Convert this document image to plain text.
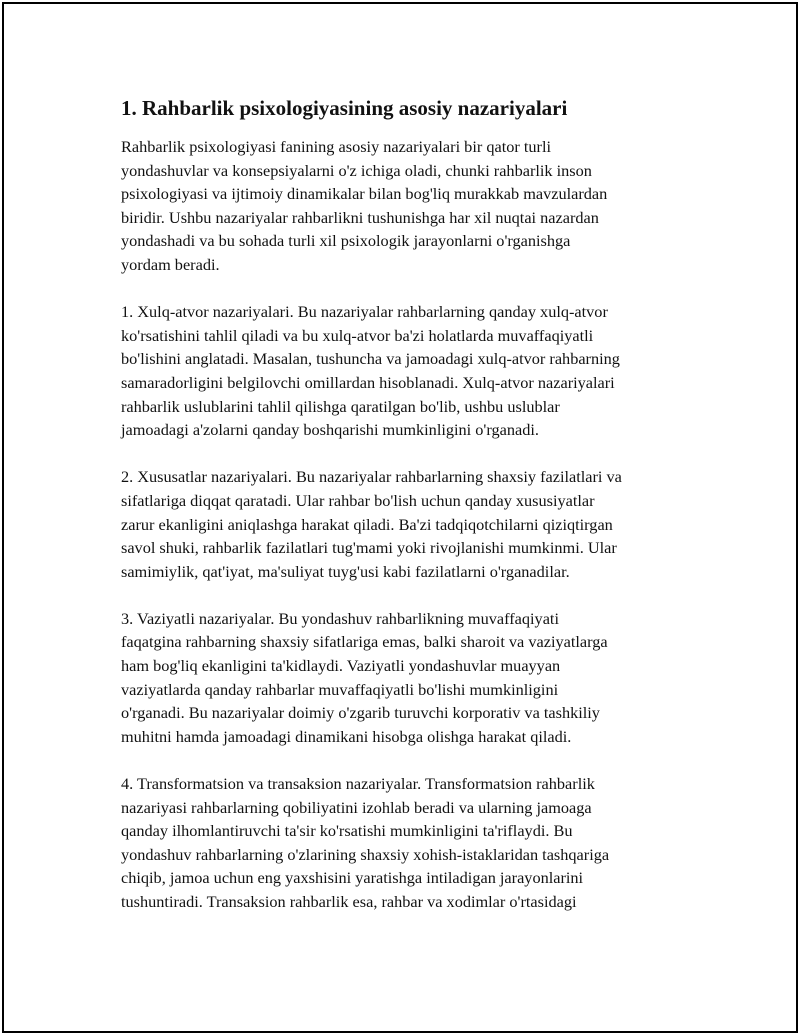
1. Rahbarlik psixologiyasining asosiy nazariyalari

Rahbarlik psixologiyasi fanining asosiy nazariyalari bir qator turli
yondashuvlar va konsepsiyalarni o'z ichiga oladi, chunki rahbarlik inson
psixologiyasi va ijtimoiy dinamikalar bilan bog'liq murakkab mavzulardan
biridir. Ushbu nazariyalar rahbarlikni tushunishga har xil nuqtai nazardan
yondashadi va bu sohada turli xil psixologik jarayonlarni o'rganishga
yordam beradi.

1. Xulq-atvor nazariyalari. Bu nazariyalar rahbarlarning qanday xulq-atvor
ko'rsatishini tahlil qiladi va bu xulq-atvor ba'zi holatlarda muvaffaqiyatli
bo'lishini anglatadi. Masalan, tushuncha va jamoadagi xulq-atvor rahbarning
samaradorligini belgilovchi omillardan hisoblanadi. Xulq-atvor nazariyalari
rahbarlik uslublarini tahlil qilishga qaratilgan bo'lib, ushbu uslublar
jamoadagi a'zolarni qanday boshqarishi mumkinligini o'rganadi.

2. Xususatlar nazariyalari. Bu nazariyalar rahbarlarning shaxsiy fazilatlari va
sifatlariga diqqat qaratadi. Ular rahbar bo'lish uchun qanday xususiyatlar
zarur ekanligini aniqlashga harakat qiladi. Ba'zi tadqiqotchilarni qiziqtirgan
savol shuki, rahbarlik fazilatlari tug'mami yoki rivojlanishi mumkinmi. Ular
samimiylik, qat'iyat, ma'suliyat tuyg'usi kabi fazilatlarni o'rganadilar.

3. Vaziyatli nazariyalar. Bu yondashuv rahbarlikning muvaffaqiyati
faqatgina rahbarning shaxsiy sifatlariga emas, balki sharoit va vaziyatlarga
ham bog'liq ekanligini ta'kidlaydi. Vaziyatli yondashuvlar muayyan
vaziyatlarda qanday rahbarlar muvaffaqiyatli bo'lishi mumkinligini
o'rganadi. Bu nazariyalar doimiy o'zgarib turuvchi korporativ va tashkiliy
muhitni hamda jamoadagi dinamikani hisobga olishga harakat qiladi.

4. Transformatsion va transaksion nazariyalar. Transformatsion rahbarlik
nazariyasi rahbarlarning qobiliyatini izohlab beradi va ularning jamoaga
qanday ilhomlantiruvchi ta'sir ko'rsatishi mumkinligini ta'riflaydi. Bu
yondashuv rahbarlarning o'zlarining shaxsiy xohish-istaklaridan tashqariga
chiqib, jamoa uchun eng yaxshisini yaratishga intiladigan jarayonlarini
tushuntiradi. Transaksion rahbarlik esa, rahbar va xodimlar o'rtasidagi
